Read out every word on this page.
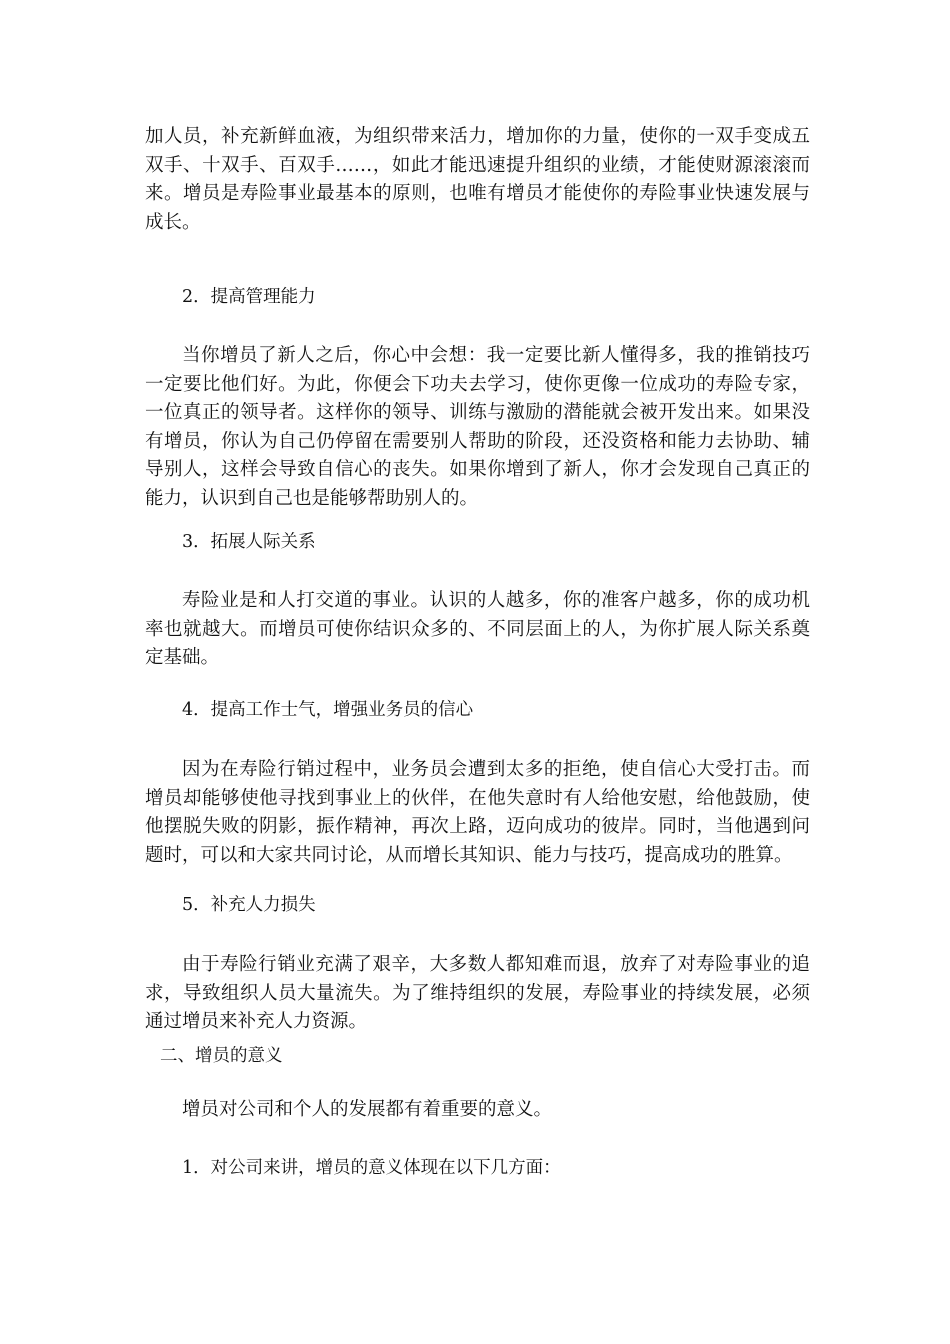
加人员，补充新鲜血液，为组织带来活力，增加你的力量，使你的一双手变成五双手、十双手、百双手……，如此才能迅速提升组织的业绩，才能使财源滚滚而来。增员是寿险事业最基本的原则，也唯有增员才能使你的寿险事业快速发展与成长。

2．提高管理能力

当你增员了新人之后，你心中会想：我一定要比新人懂得多，我的推销技巧一定要比他们好。为此，你便会下功夫去学习，使你更像一位成功的寿险专家，一位真正的领导者。这样你的领导、训练与激励的潜能就会被开发出来。如果没有增员，你认为自己仍停留在需要别人帮助的阶段，还没资格和能力去协助、辅导别人，这样会导致自信心的丧失。如果你增到了新人，你才会发现自己真正的能力，认识到自己也是能够帮助别人的。

3．拓展人际关系

寿险业是和人打交道的事业。认识的人越多，你的准客户越多，你的成功机率也就越大。而增员可使你结识众多的、不同层面上的人，为你扩展人际关系奠定基础。

4．提高工作士气，增强业务员的信心

因为在寿险行销过程中，业务员会遭到太多的拒绝，使自信心大受打击。而增员却能够使他寻找到事业上的伙伴，在他失意时有人给他安慰，给他鼓励，使他摆脱失败的阴影，振作精神，再次上路，迈向成功的彼岸。同时，当他遇到问题时，可以和大家共同讨论，从而增长其知识、能力与技巧，提高成功的胜算。

5．补充人力损失

由于寿险行销业充满了艰辛，大多数人都知难而退，放弃了对寿险事业的追求，导致组织人员大量流失。为了维持组织的发展，寿险事业的持续发展，必须通过增员来补充人力资源。

二、增员的意义

增员对公司和个人的发展都有着重要的意义。

1．对公司来讲，增员的意义体现在以下几方面：
